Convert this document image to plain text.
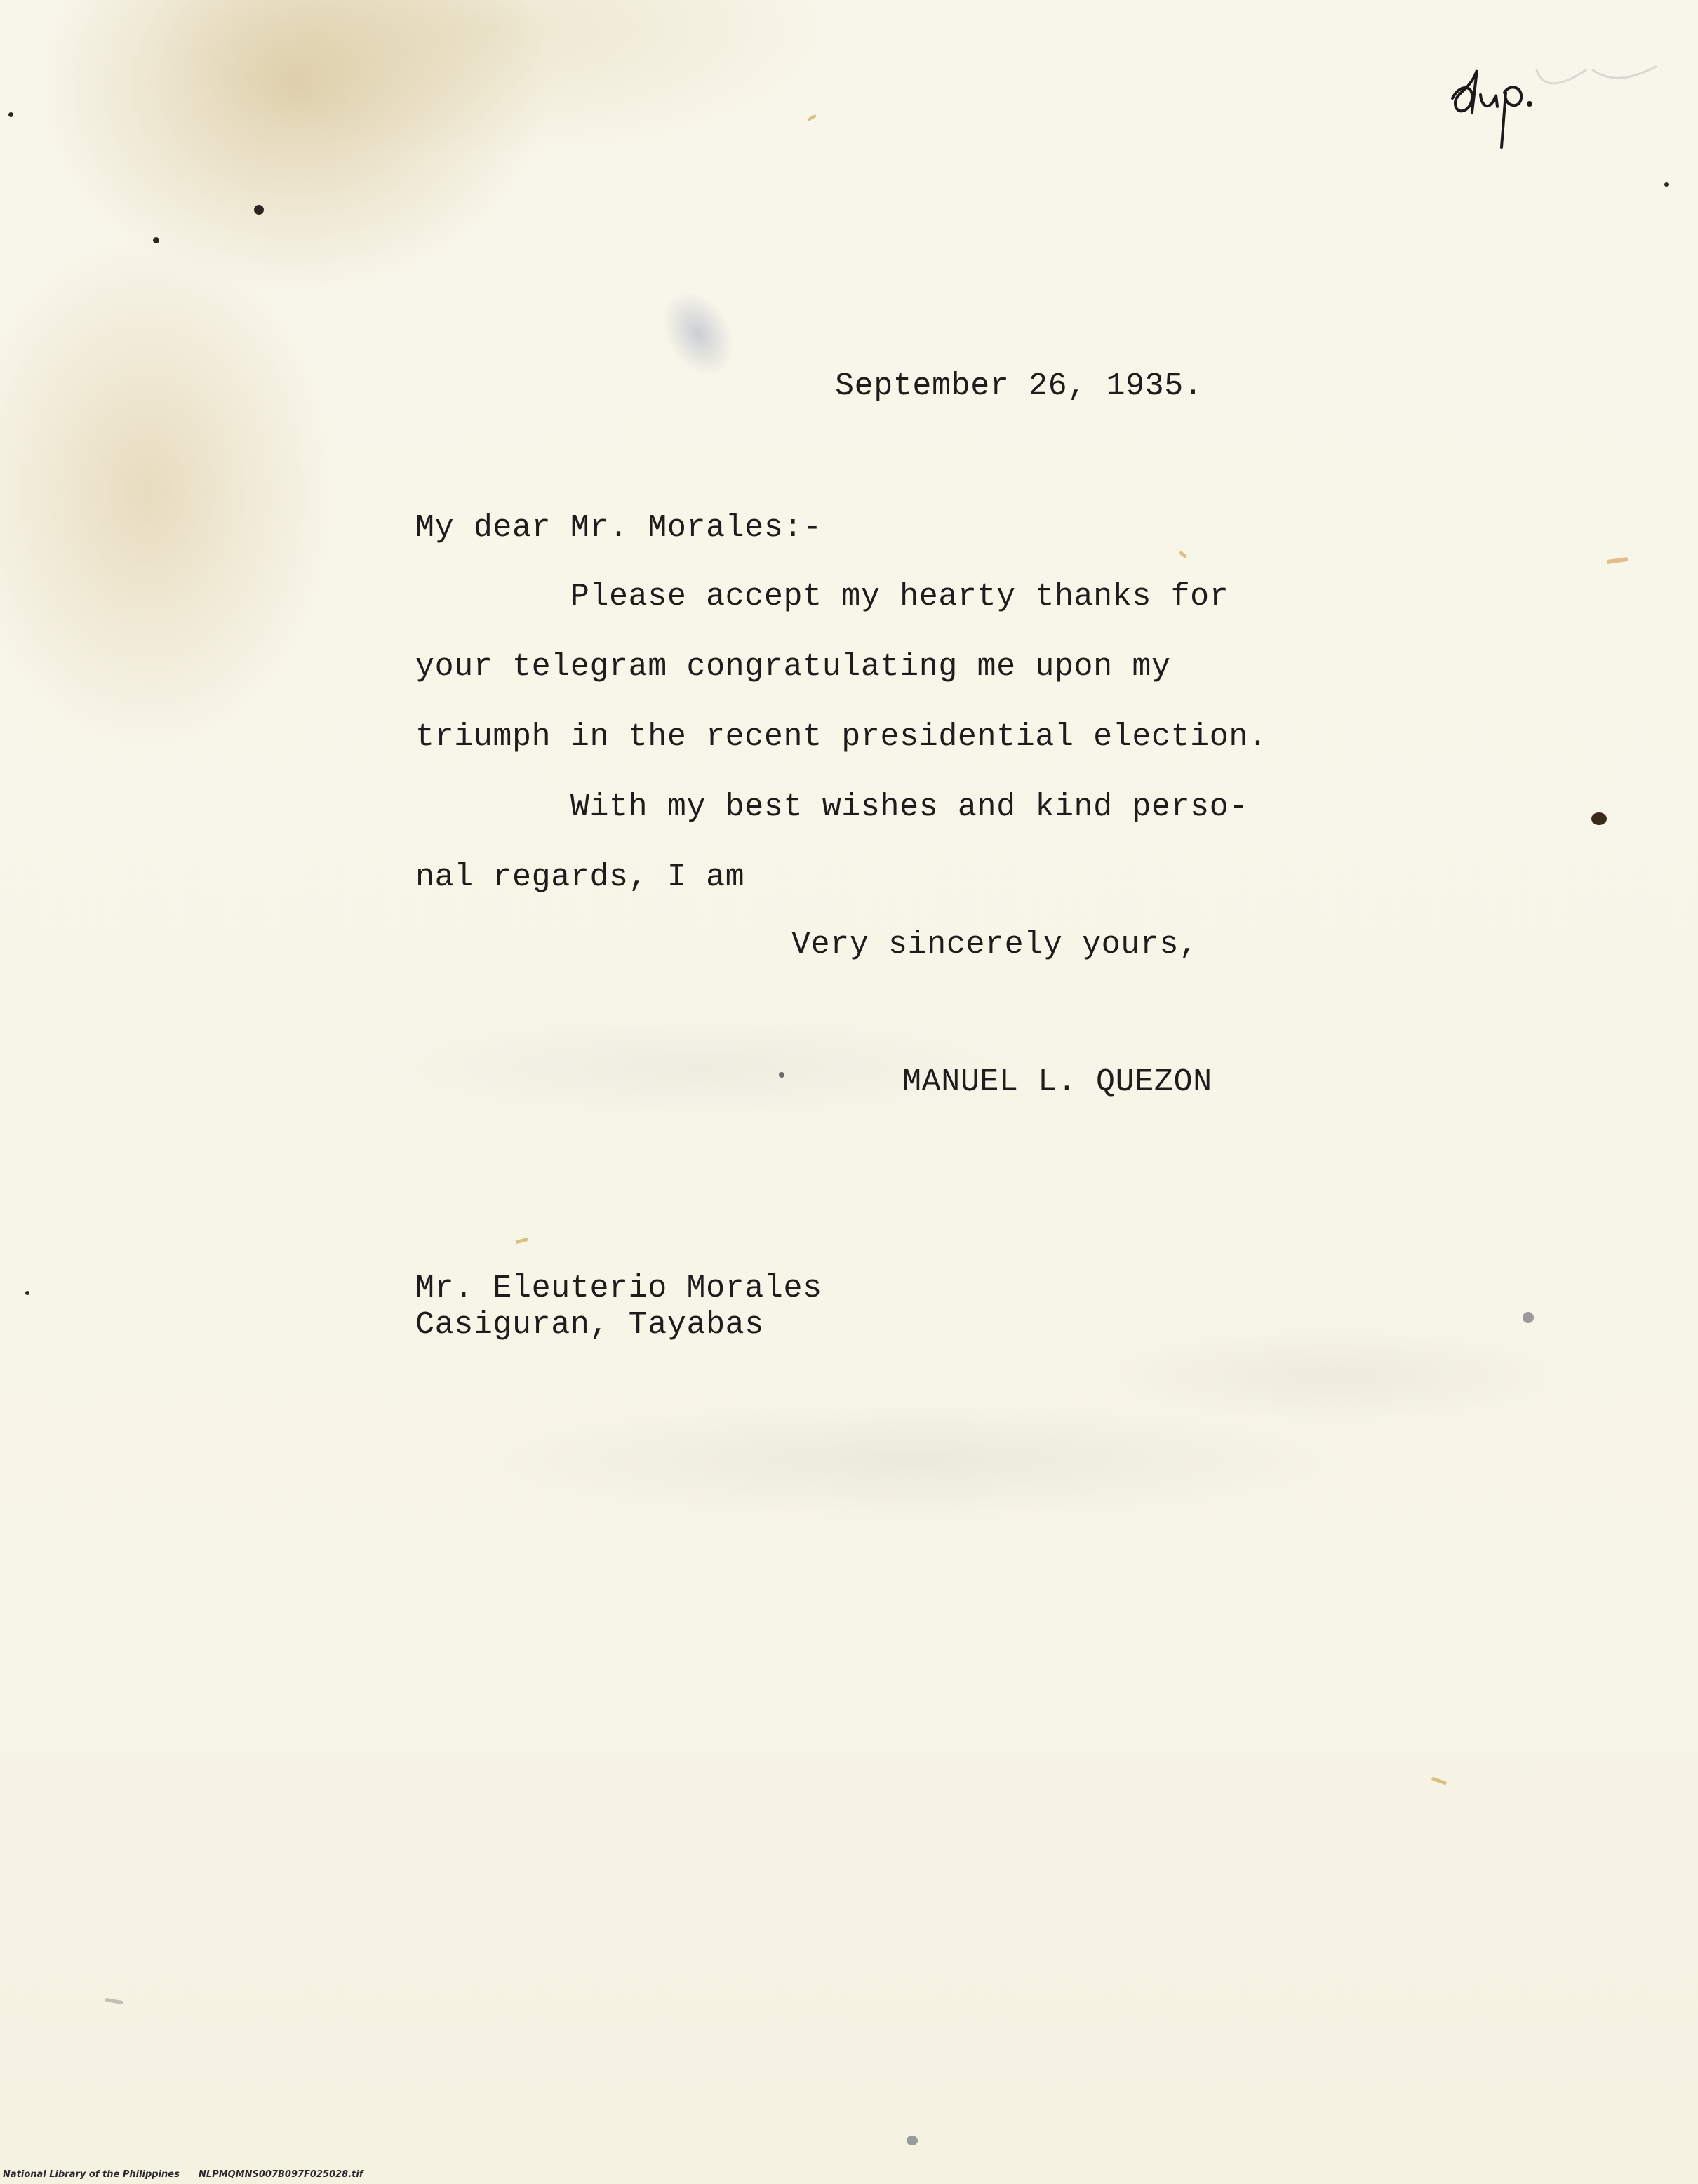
September 26, 1935.
My dear Mr. Morales:-
Please accept my hearty thanks for
your telegram congratulating me upon my
triumph in the recent presidential election.
With my best wishes and kind perso-
nal regards, I am
Very sincerely yours,
MANUEL L. QUEZON
Mr. Eleuterio Morales
Casiguran, Tayabas
National Library of the Philippines NLPMQMNS007B097F025028.tif
